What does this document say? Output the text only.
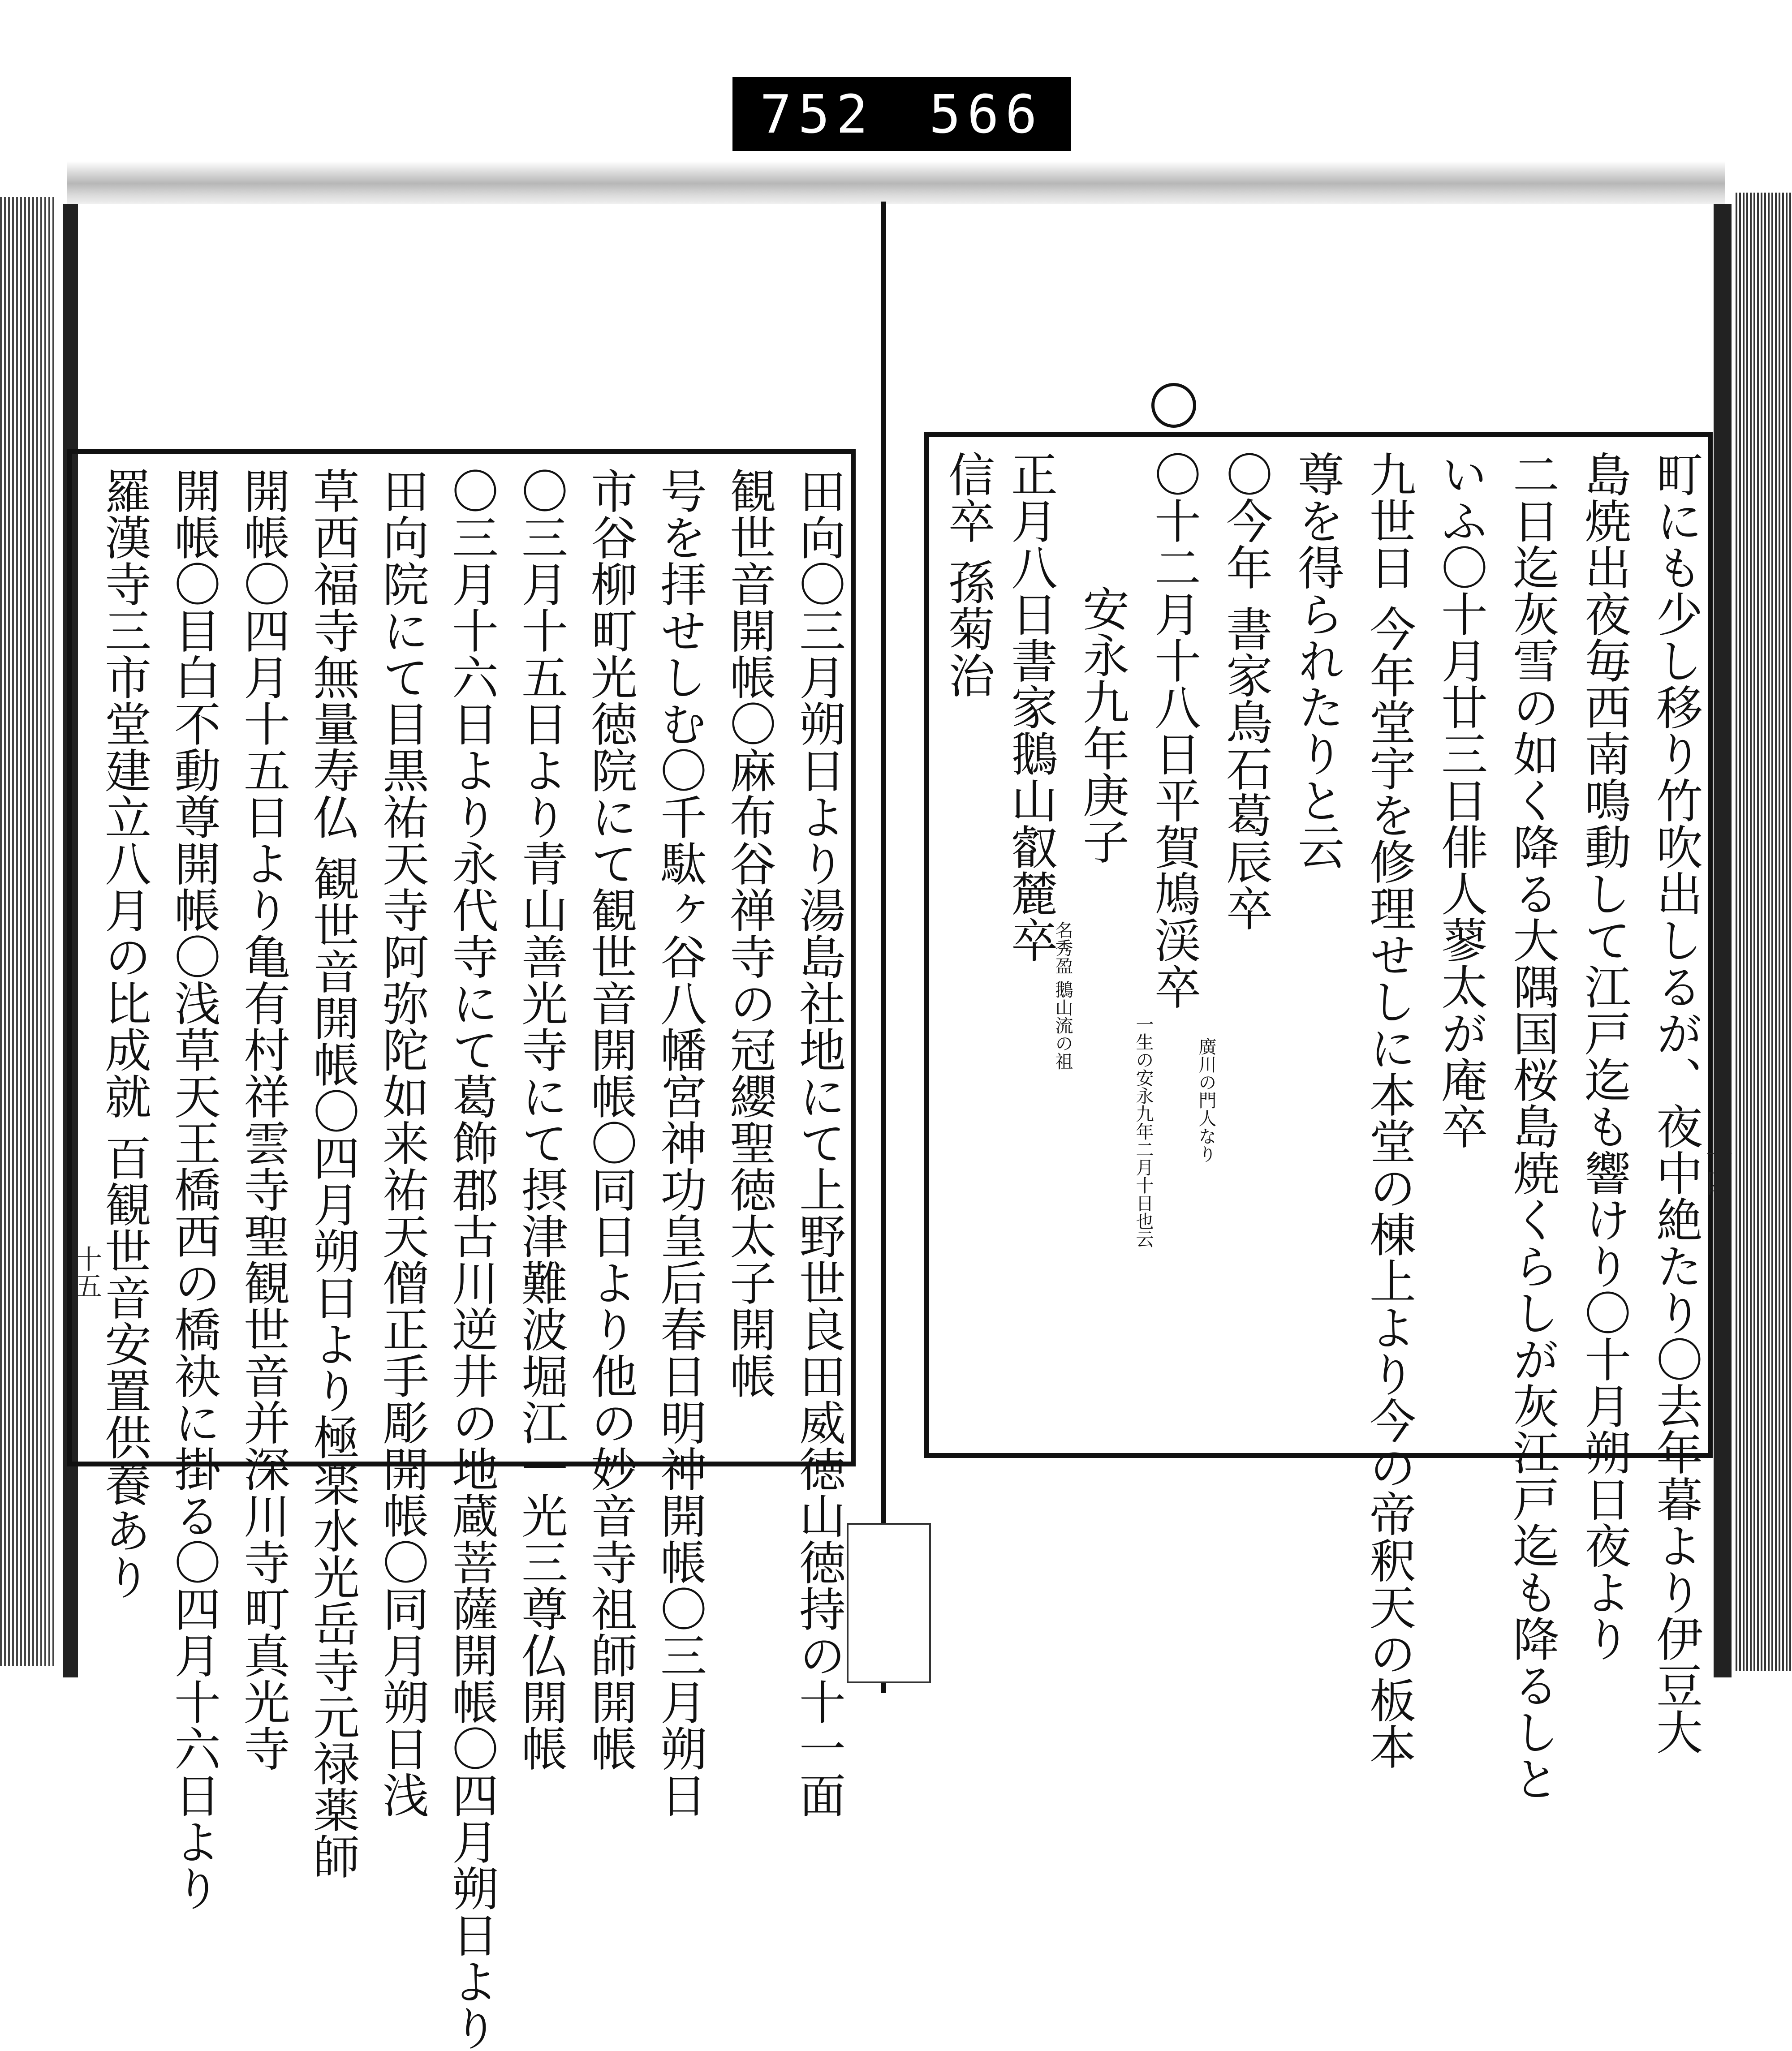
752 566
町にも少し移り竹吹出しるが、夜中絶たり〇去年暮より伊豆大
島焼出夜毎西南鳴動して江戸迄も響けり〇十月朔日夜より
二日迄灰雪の如く降る大隅国桜島焼くらしが灰江戸迄も降るしと
いふ〇十月廿三日俳人蓼太が庵卒
九世日 今年堂宇を修理せしに本堂の棟上より今の帝釈天の板本
尊を得られたりと云
〇今年 書家鳥石葛辰卒
〇十二月十八日平賀鳩渓卒
安永九年庚子
正月八日書家鵝山叡麓卒
信卒 孫菊治
廣川の門人なり
一生の安永九年二月十日也云
名秀盈 鵝山流の祖
田向〇三月朔日より湯島社地にて上野世良田威徳山徳持の十一面
観世音開帳〇麻布谷禅寺の冠纓聖徳太子開帳
号を拝せしむ〇千駄ヶ谷八幡宮神功皇后春日明神開帳〇三月朔日
市谷柳町光徳院にて観世音開帳〇同日より他の妙音寺祖師開帳
〇三月十五日より青山善光寺にて摂津難波堀江一光三尊仏開帳
〇三月十六日より永代寺にて葛飾郡古川逆井の地蔵菩薩開帳〇四月朔日より
田向院にて目黒祐天寺阿弥陀如来祐天僧正手彫開帳〇同月朔日浅
草西福寺無量寿仏 観世音開帳〇四月朔日より極楽水光岳寺元禄薬師
開帳〇四月十五日より亀有村祥雲寺聖観世音并深川寺町真光寺
開帳〇目白不動尊開帳〇浅草天王橋西の橋袂に掛る〇四月十六日より
羅漢寺三市堂建立八月の比成就 百観世音安置供養あり	十四
十五
